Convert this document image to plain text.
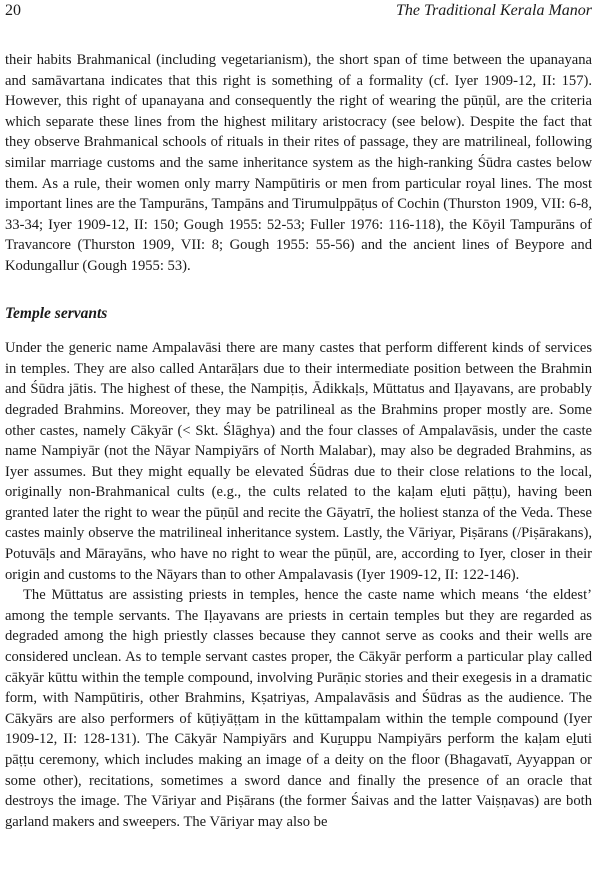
20	The Traditional Kerala Manor

their habits Brahmanical (including vegetarianism), the short span of time between the upanayana and samāvartana indicates that this right is something of a formality (cf. Iyer 1909-12, II: 157). However, this right of upanayana and consequently the right of wearing the pūṇūl, are the criteria which separate these lines from the highest military aristocracy (see below). Despite the fact that they observe Brahmanical schools of rituals in their rites of passage, they are matrilineal, following similar marriage customs and the same inheritance system as the high-ranking Śūdra castes below them. As a rule, their women only marry Nampūtiris or men from particular royal lines. The most important lines are the Tampurāns, Tampāns and Tirumulppāṭus of Cochin (Thurston 1909, VII: 6-8, 33-34; Iyer 1909-12, II: 150; Gough 1955: 52-53; Fuller 1976: 116-118), the Kōyil Tampurāns of Travancore (Thurston 1909, VII: 8; Gough 1955: 55-56) and the ancient lines of Beypore and Kodungallur (Gough 1955: 53).

Temple servants

Under the generic name Ampalavāsi there are many castes that perform different kinds of services in temples. They are also called Antarāḷars due to their intermediate position between the Brahmin and Śūdra jātis. The highest of these, the Nampiṭis, Ādikkaḷs, Mūttatus and Iḷayavans, are probably degraded Brahmins. Moreover, they may be patrilineal as the Brahmins proper mostly are. Some other castes, namely Cākyār (< Skt. Ślāghya) and the four classes of Ampalavāsis, under the caste name Nampiyār (not the Nāyar Nampiyārs of North Malabar), may also be degraded Brahmins, as Iyer assumes. But they might equally be elevated Śūdras due to their close relations to the local, originally non-Brahmanical cults (e.g., the cults related to the kaḷam eḻuti pāṭṭu), having been granted later the right to wear the pūṇūl and recite the Gāyatrī, the holiest stanza of the Veda. These castes mainly observe the matrilineal inheritance system. Lastly, the Vāriyar, Piṣārans (/Piṣārakans), Potuvāḷs and Mārayāns, who have no right to wear the pūṇūl, are, according to Iyer, closer in their origin and customs to the Nāyars than to other Ampalavasis (Iyer 1909-12, II: 122-146).

The Mūttatus are assisting priests in temples, hence the caste name which means ‘the eldest’ among the temple servants. The Iḷayavans are priests in certain temples but they are regarded as degraded among the high priestly classes because they cannot serve as cooks and their wells are considered unclean. As to temple servant castes proper, the Cākyār perform a particular play called cākyār kūttu within the temple compound, involving Purāṇic stories and their exegesis in a dramatic form, with Nampūtiris, other Brahmins, Kṣatriyas, Ampalavāsis and Śūdras as the audience. The Cākyārs are also performers of kūṭiyāṭṭam in the kūttampalam within the temple compound (Iyer 1909-12, II: 128-131). The Cākyār Nampiyārs and Kuṟuppu Nampiyārs perform the kaḷam eḻuti pāṭṭu ceremony, which includes making an image of a deity on the floor (Bhagavatī, Ayyappan or some other), recitations, sometimes a sword dance and finally the presence of an oracle that destroys the image. The Vāriyar and Piṣārans (the former Śaivas and the latter Vaiṣṇavas) are both garland makers and sweepers. The Vāriyar may also be
